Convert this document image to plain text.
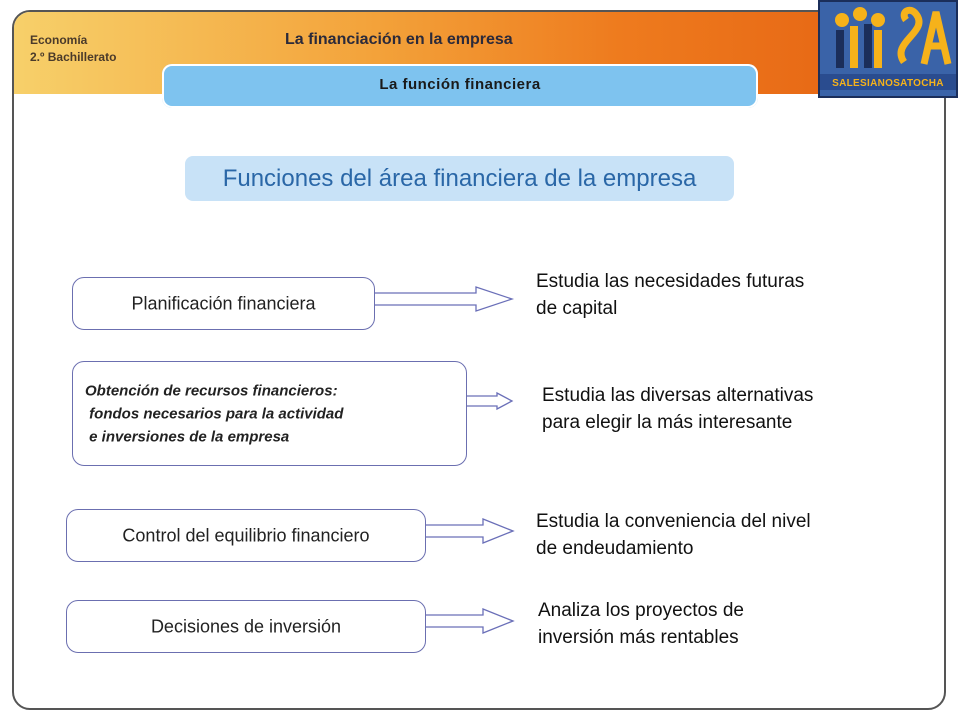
Economía
2.º Bachillerato
La financiación en la empresa
La función financiera	SALESIANOSATOCHA
Funciones del área financiera de la empresa
Planificación financiera
Estudia las necesidades futuras
de capital
Obtención de recursos financieros:
fondos necesarios para la actividad
e inversiones de la empresa
Estudia las diversas alternativas
para elegir la más interesante
Control del equilibrio financiero
Estudia la conveniencia del nivel
de endeudamiento
Decisiones de inversión
Analiza los proyectos de
inversión más rentables
